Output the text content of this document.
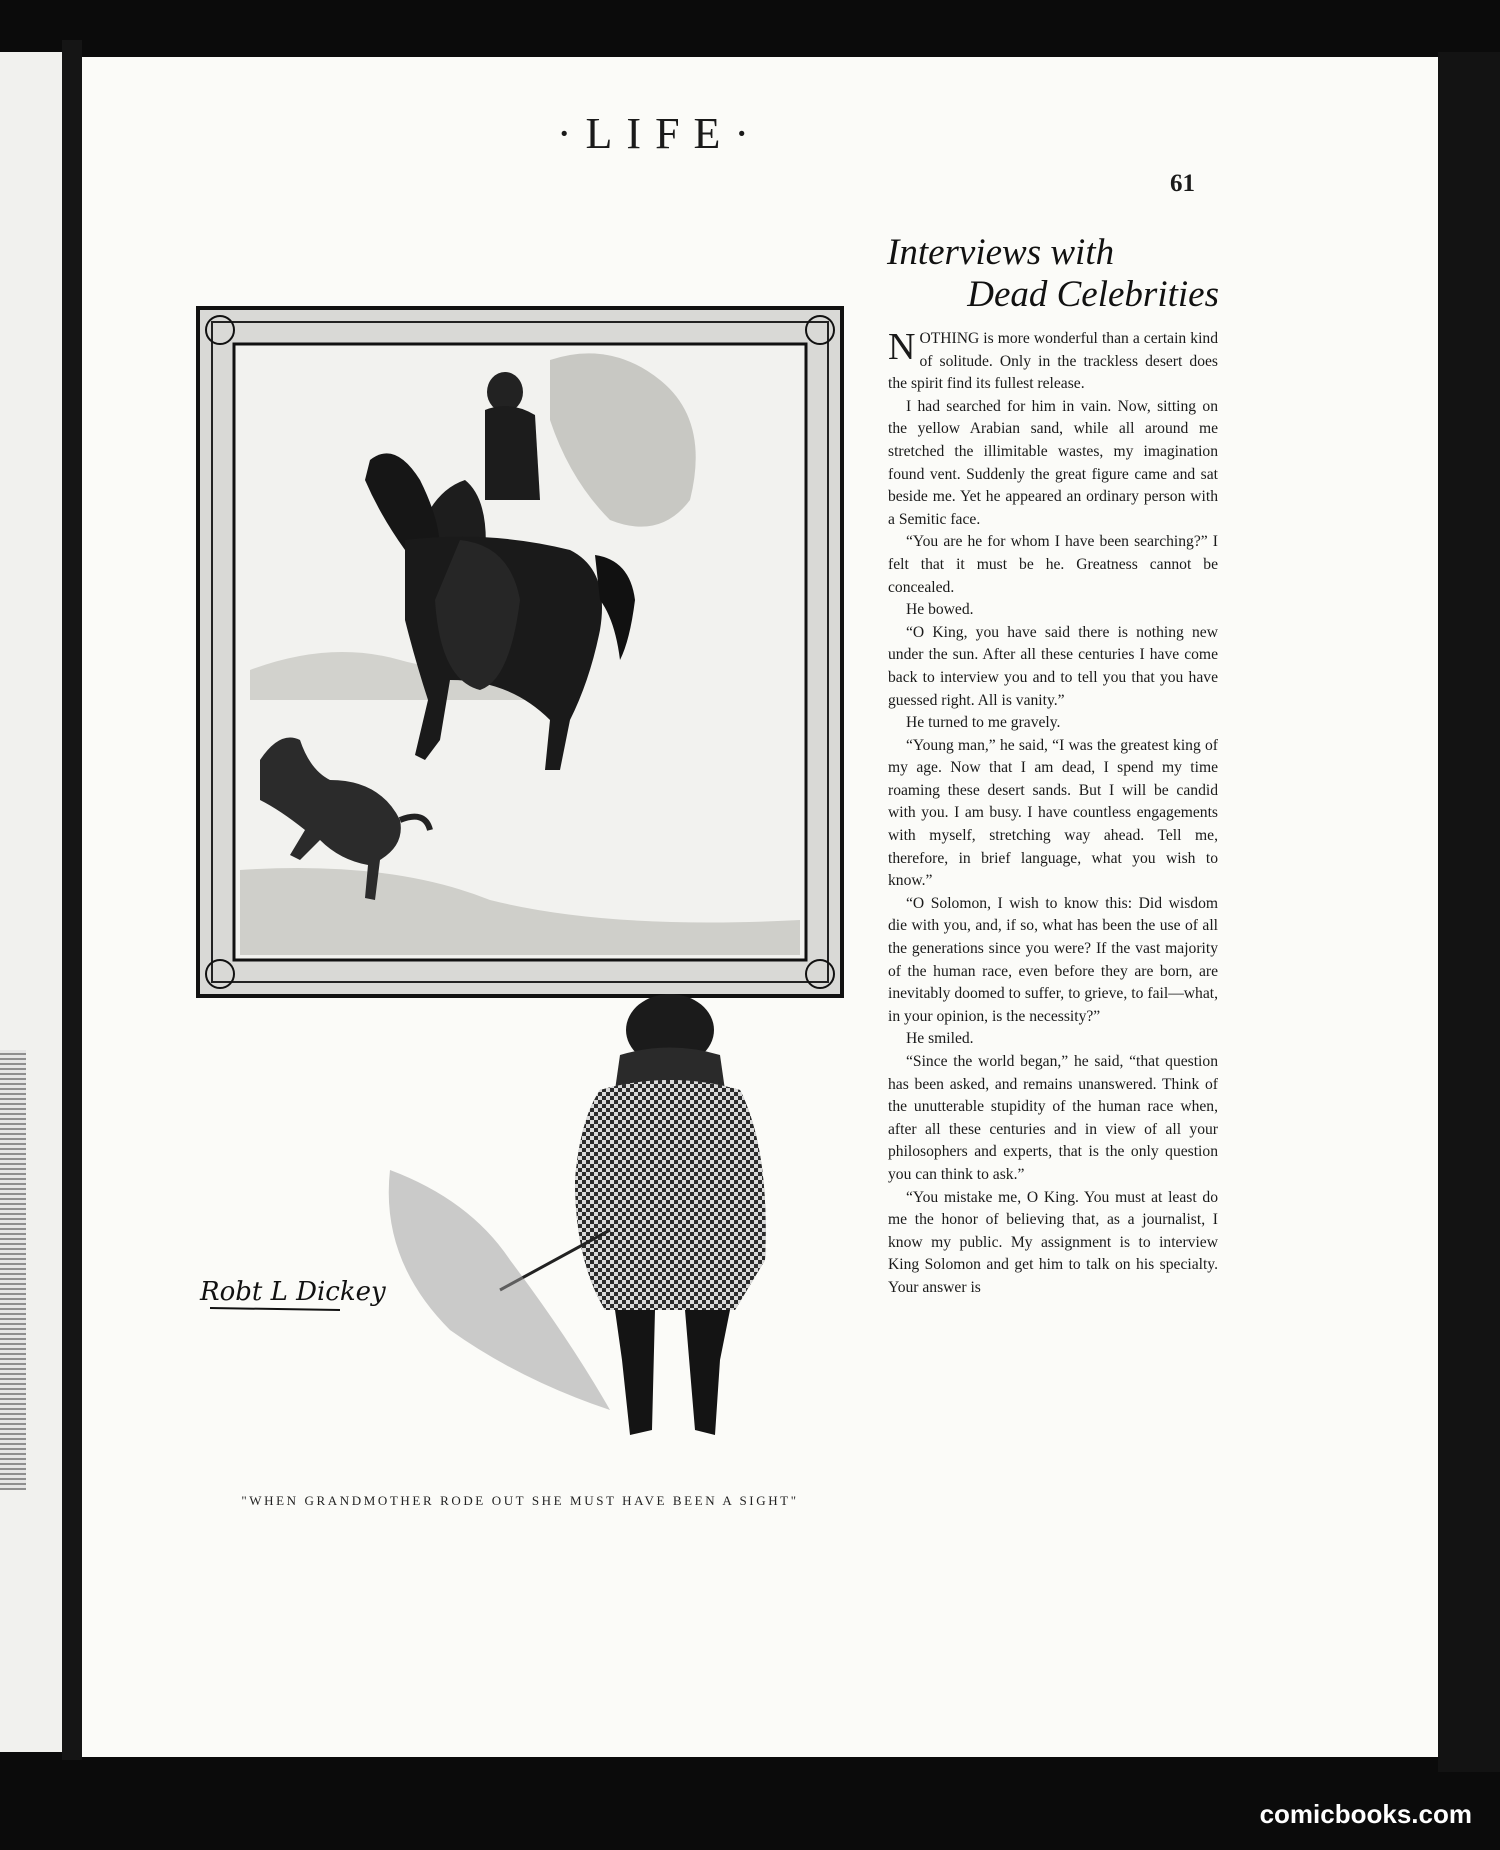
·LIFE·
61
Robt L Dickey
"WHEN GRANDMOTHER RODE OUT SHE MUST HAVE BEEN A SIGHT"
Interviews with
Dead Celebrities

NOTHING is more wonderful than a certain kind of solitude. Only in the trackless desert does the spirit find its fullest release.

I had searched for him in vain. Now, sitting on the yellow Arabian sand, while all around me stretched the illimitable wastes, my imagination found vent. Suddenly the great figure came and sat beside me. Yet he appeared an ordinary person with a Semitic face.

“You are he for whom I have been searching?” I felt that it must be he. Greatness cannot be concealed.

He bowed.

“O King, you have said there is nothing new under the sun. After all these centuries I have come back to interview you and to tell you that you have guessed right. All is vanity.”

He turned to me gravely.

“Young man,” he said, “I was the greatest king of my age. Now that I am dead, I spend my time roaming these desert sands. But I will be candid with you. I am busy. I have countless engagements with myself, stretching way ahead. Tell me, therefore, in brief language, what you wish to know.”

“O Solomon, I wish to know this: Did wisdom die with you, and, if so, what has been the use of all the generations since you were? If the vast majority of the human race, even before they are born, are inevitably doomed to suffer, to grieve, to fail—what, in your opinion, is the necessity?”

He smiled.

“Since the world began,” he said, “that question has been asked, and remains unanswered. Think of the unutterable stupidity of the human race when, after all these centuries and in view of all your philosophers and experts, that is the only question you can think to ask.”

“You mistake me, O King. You must at least do me the honor of believing that, as a journalist, I know my public. My assignment is to interview King Solomon and get him to talk on his specialty. Your answer is

comicbooks.com
